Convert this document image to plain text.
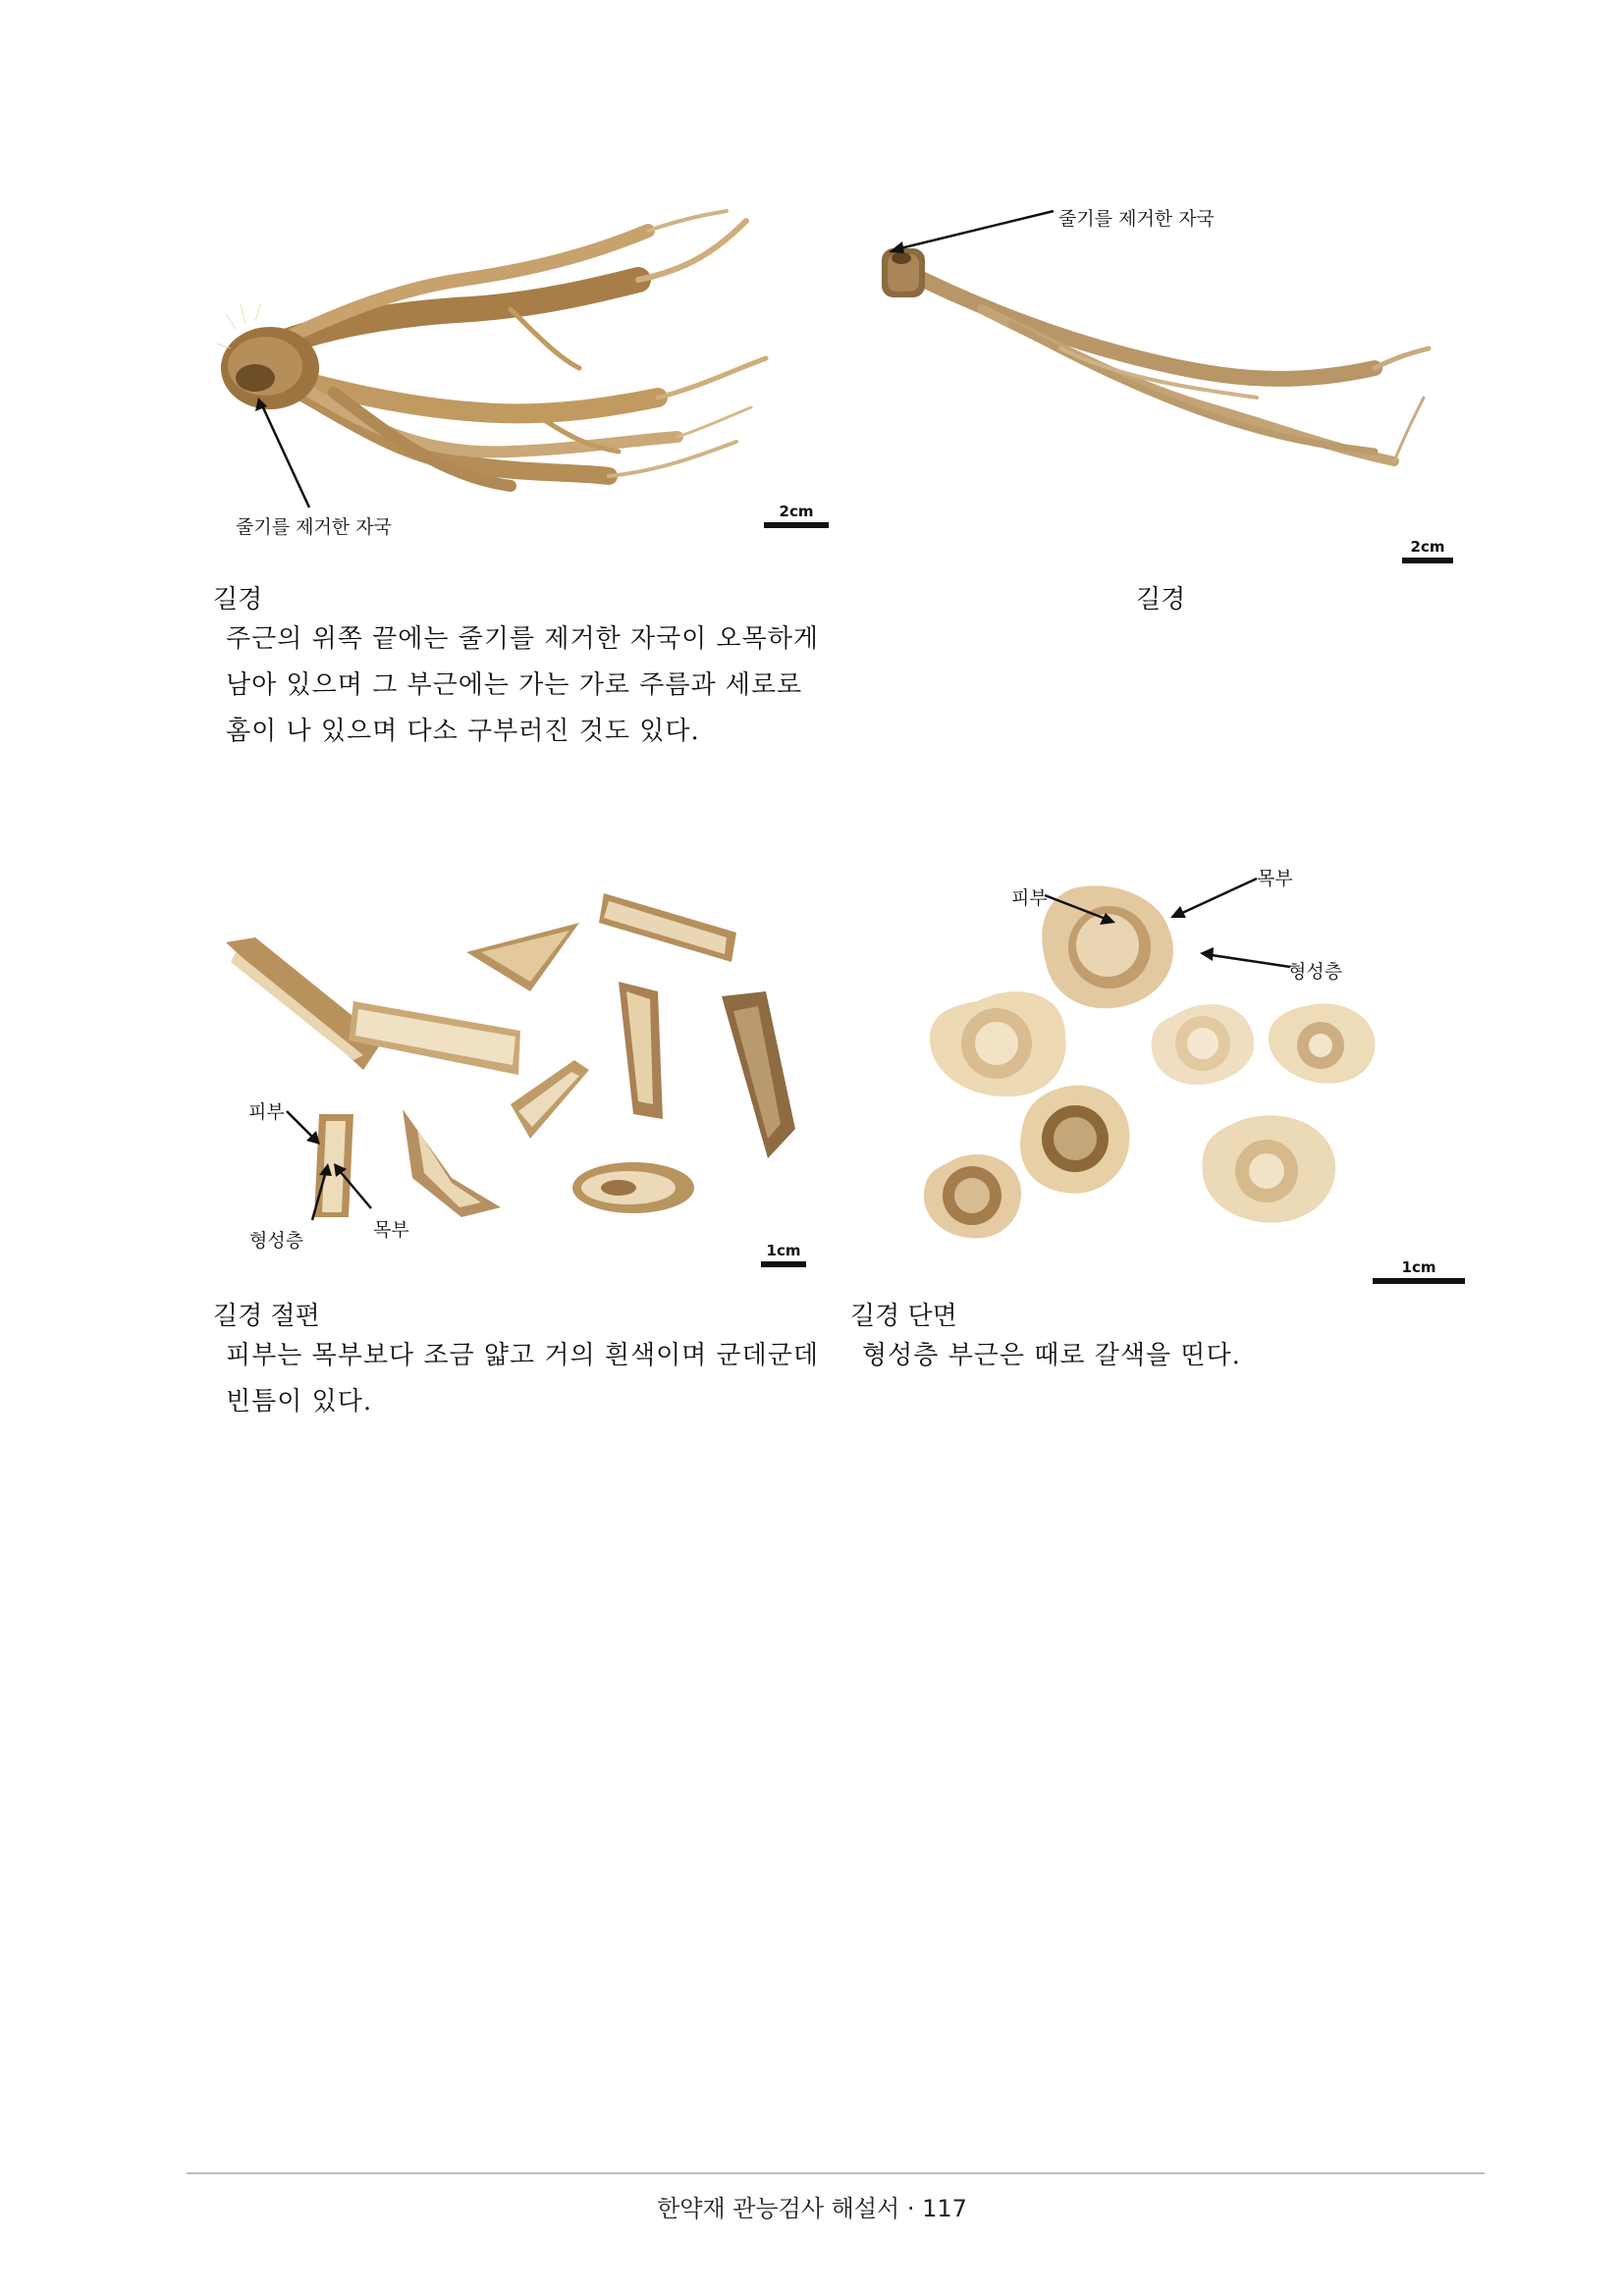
줄기를 제거한 자국
2cm
길경
주근의 위쪽 끝에는 줄기를 제거한 자국이 오목하게
남아 있으며 그 부근에는 가는 가로 주름과 세로로
홈이 나 있으며 다소 구부러진 것도 있다.
줄기를 제거한 자국
2cm
길경
피부
형성층	목부
1cm
길경 절편
피부는 목부보다 조금 얇고 거의 흰색이며 군데군데
빈틈이 있다.
피부
목부
형성층
1cm
길경 단면
형성층 부근은 때로 갈색을 띤다.
한약재 관능검사 해설서 · 117
